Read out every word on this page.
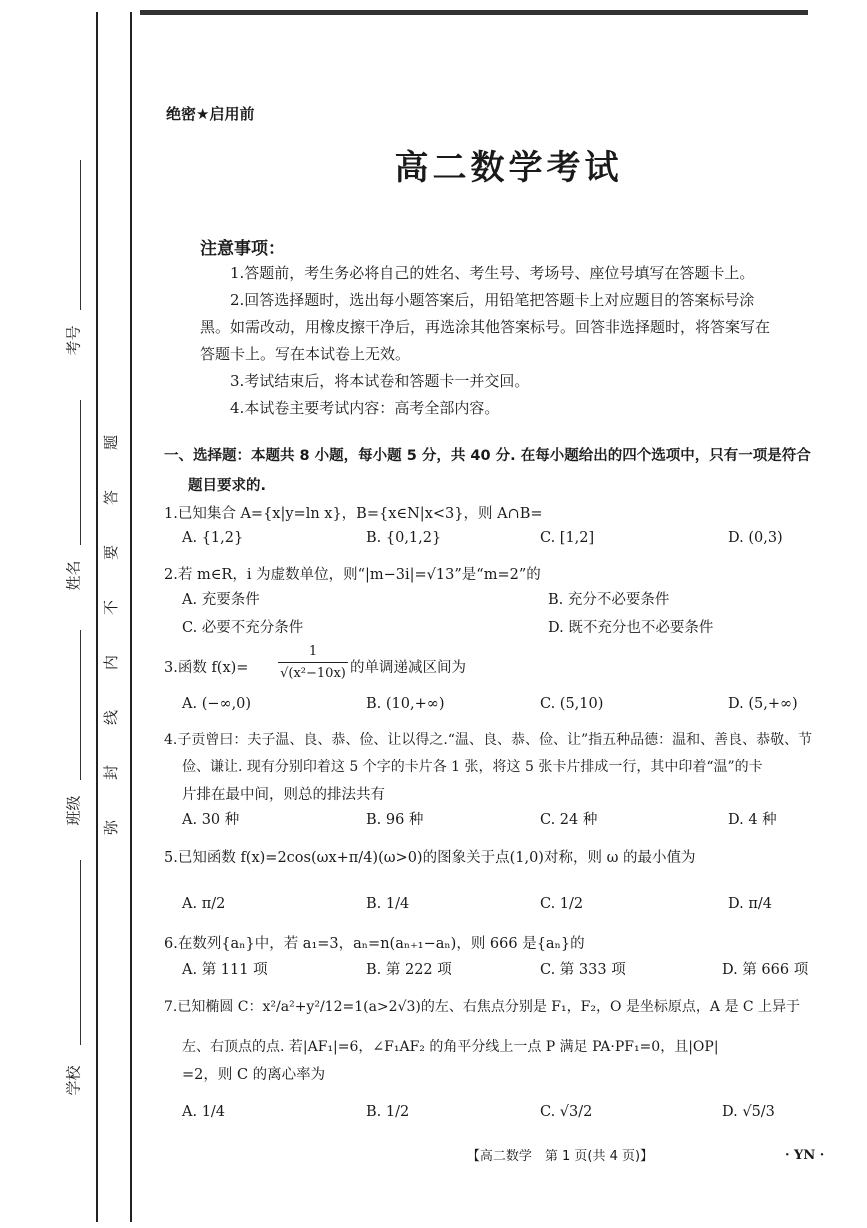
考号
姓名
班级
学校
题
答
要
不
内
线
封
弥
绝密★启用前
高二数学考试
注意事项：
1.答题前，考生务必将自己的姓名、考生号、考场号、座位号填写在答题卡上。
2.回答选择题时，选出每小题答案后，用铅笔把答题卡上对应题目的答案标号涂
黑。如需改动，用橡皮擦干净后，再选涂其他答案标号。回答非选择题时，将答案写在
答题卡上。写在本试卷上无效。
3.考试结束后，将本试卷和答题卡一并交回。
4.本试卷主要考试内容：高考全部内容。
一、选择题：本题共 8 小题，每小题 5 分，共 40 分. 在每小题给出的四个选项中，只有一项是符合
题目要求的.
1.已知集合 A={x|y=ln x}，B={x∈N|x<3}，则 A∩B=
A. {1,2}	B. {0,1,2}	C. [1,2]	D. (0,3)
2.若 m∈R，i 为虚数单位，则“|m−3i|=√13”是“m=2”的
A. 充要条件	B. 充分不必要条件
C. 必要不充分条件	D. 既不充分也不必要条件
3.函数 f(x)=
1
√(x²−10x) 的单调递减区间为
A. (−∞,0)	B. (10,+∞)	C. (5,10)	D. (5,+∞)
4.子贡曾曰：夫子温、良、恭、俭、让以得之.“温、良、恭、俭、让”指五种品德：温和、善良、恭敬、节
俭、谦让. 现有分别印着这 5 个字的卡片各 1 张，将这 5 张卡片排成一行，其中印着“温”的卡
片排在最中间，则总的排法共有
A. 30 种	B. 96 种	C. 24 种	D. 4 种
5.已知函数 f(x)=2cos(ωx+π/4)(ω>0)的图象关于点(1,0)对称，则 ω 的最小值为
A. π/2	B. 1/4	C. 1/2	D. π/4
6.在数列{aₙ}中，若 a₁=3，aₙ=n(aₙ₊₁−aₙ)，则 666 是{aₙ}的
A. 第 111 项	B. 第 222 项	C. 第 333 项	D. 第 666 项
7.已知椭圆 C：x²/a²+y²/12=1(a>2√3)的左、右焦点分别是 F₁，F₂，O 是坐标原点，A 是 C 上异于
左、右顶点的点. 若|AF₁|=6，∠F₁AF₂ 的角平分线上一点 P 满足 PA·PF₁=0，且|OP|
=2，则 C 的离心率为
A. 1/4	B. 1/2	C. √3/2	D. √5/3
【高二数学　第 1 页(共 4 页)】	· YN ·
